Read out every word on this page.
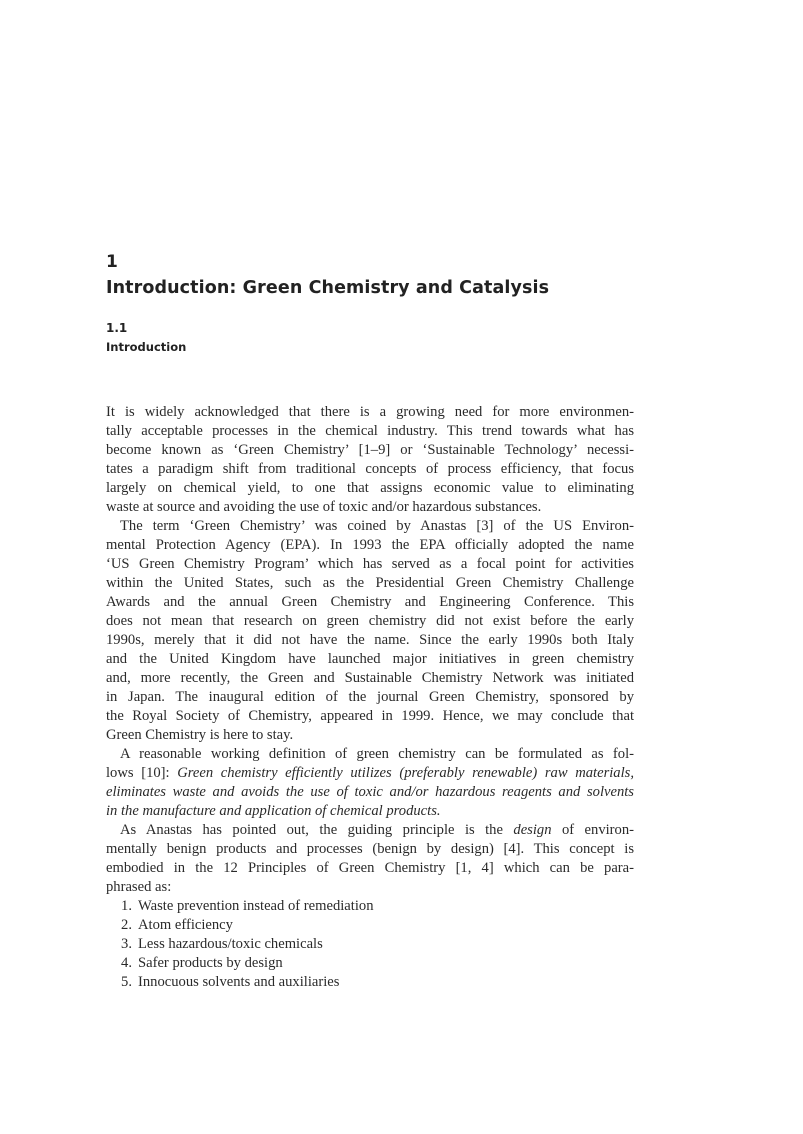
1
Introduction: Green Chemistry and Catalysis
1.1
Introduction
It is widely acknowledged that there is a growing need for more environmen-
tally acceptable processes in the chemical industry. This trend towards what has
become known as ‘Green Chemistry’ [1–9] or ‘Sustainable Technology’ necessi-
tates a paradigm shift from traditional concepts of process efficiency, that focus
largely on chemical yield, to one that assigns economic value to eliminating
waste at source and avoiding the use of toxic and/or hazardous substances.
The term ‘Green Chemistry’ was coined by Anastas [3] of the US Environ-
mental Protection Agency (EPA). In 1993 the EPA officially adopted the name
‘US Green Chemistry Program’ which has served as a focal point for activities
within the United States, such as the Presidential Green Chemistry Challenge
Awards and the annual Green Chemistry and Engineering Conference. This
does not mean that research on green chemistry did not exist before the early
1990s, merely that it did not have the name. Since the early 1990s both Italy
and the United Kingdom have launched major initiatives in green chemistry
and, more recently, the Green and Sustainable Chemistry Network was initiated
in Japan. The inaugural edition of the journal Green Chemistry, sponsored by
the Royal Society of Chemistry, appeared in 1999. Hence, we may conclude that
Green Chemistry is here to stay.
A reasonable working definition of green chemistry can be formulated as fol-
lows [10]: Green chemistry efficiently utilizes (preferably renewable) raw materials,
eliminates waste and avoids the use of toxic and/or hazardous reagents and solvents
in the manufacture and application of chemical products.
As Anastas has pointed out, the guiding principle is the design of environ-
mentally benign products and processes (benign by design) [4]. This concept is
embodied in the 12 Principles of Green Chemistry [1, 4] which can be para-
phrased as:
1. Waste prevention instead of remediation
2. Atom efficiency
3. Less hazardous/toxic chemicals
4. Safer products by design
5. Innocuous solvents and auxiliaries
